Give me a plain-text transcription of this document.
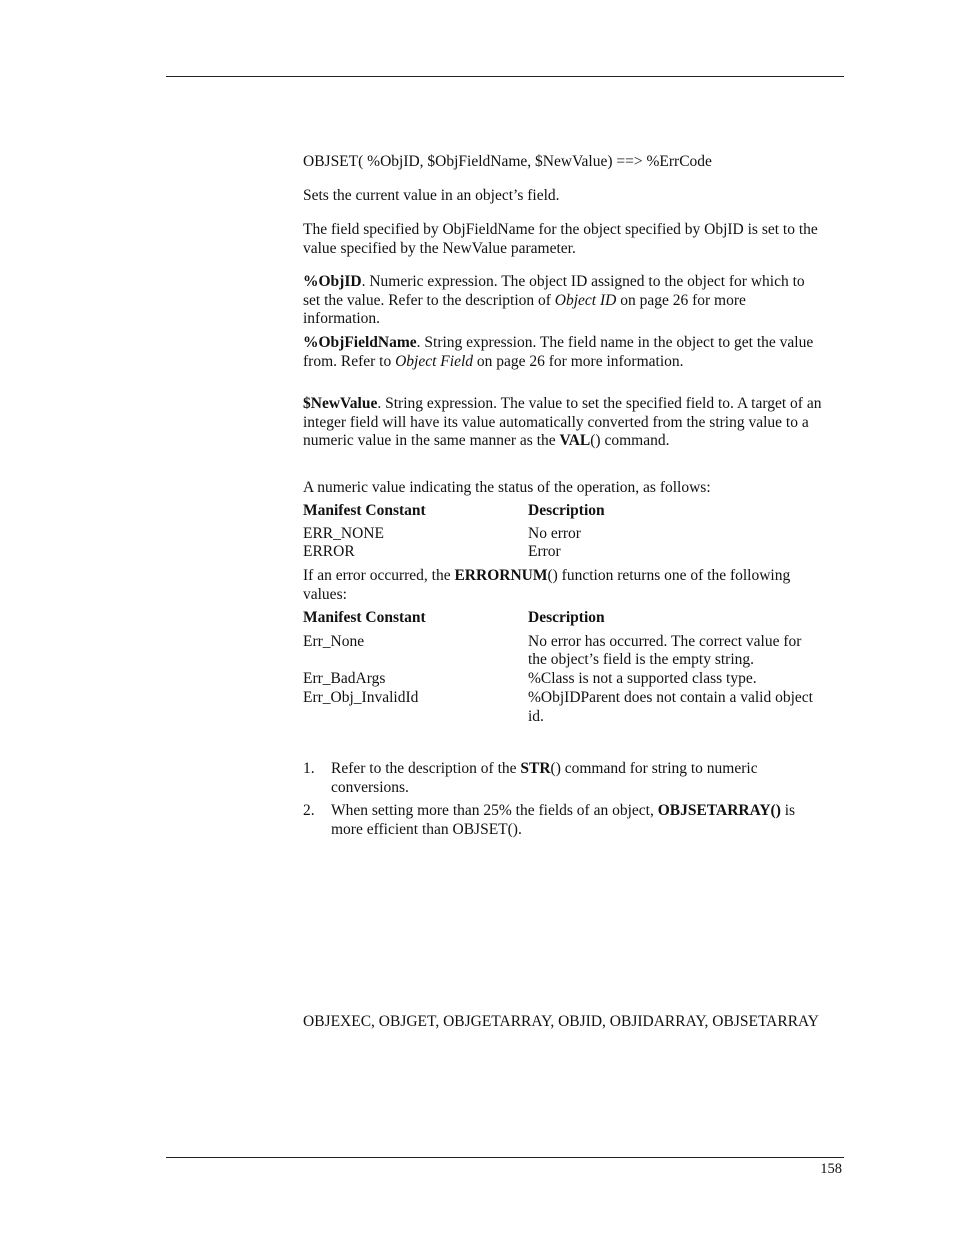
OBJSET( %ObjID, $ObjFieldName, $NewValue) ==> %ErrCode

Sets the current value in an object’s field.

The field specified by ObjFieldName for the object specified by ObjID is set to the value specified by the NewValue parameter.

%ObjID. Numeric expression. The object ID assigned to the object for which to set the value. Refer to the description of Object ID on page 26 for more information.

%ObjFieldName. String expression. The field name in the object to get the value from. Refer to Object Field on page 26 for more information.

$NewValue. String expression. The value to set the specified field to. A target of an integer field will have its value automatically converted from the string value to a numeric value in the same manner as the VAL() command.

A numeric value indicating the status of the operation, as follows:

Manifest Constant	Description
ERR_NONE	No error
ERROR	Error

If an error occurred, the ERRORNUM() function returns one of the following values:

Manifest Constant	Description
Err_None	No error has occurred. The correct value for the object’s field is the empty string.
Err_BadArgs	%Class is not a supported class type.
Err_Obj_InvalidId	%ObjIDParent does not contain a valid object id.
1.	Refer to the description of the STR() command for string to numeric conversions.
2.	When setting more than 25% the fields of an object, OBJSETARRAY() is more efficient than OBJSET().

OBJEXEC, OBJGET, OBJGETARRAY, OBJID, OBJIDARRAY, OBJSETARRAY

158
